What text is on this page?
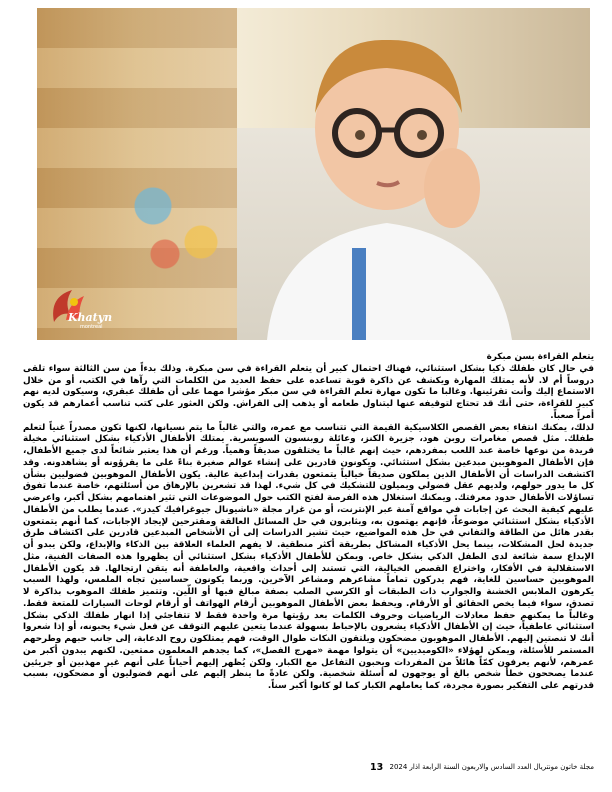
Khatyn
montreal

يتعلم القراءة بسن مبكرة

في حال كان طفلك ذكيا بشكل استثنائي، فهناك احتمال كبير أن يتعلم القراءة في سن مبكرة. وذلك بدءاً من سن الثالثة سواء تلقى دروساً أم لا. لأنه يمتلك المهارة ويكشف عن ذاكرة قوية تساعده على حفظ العديد من الكلمات التي رآها في الكتب، أو من خلال الاستماع إليك وأنت تقرئينها. وغالبا ما تكون مهارة تعلم القراءة في سن مبكر مؤشرا مهما على أن طفلك عبقري، وسيكون لديه نهم كبير للقراءة، حتى أنك قد تحتاج لتوقيفه عنها ليتناول طعامه أو يذهب إلى الفراش. ولكن العثور على كتب تناسب أعمارهم قد يكون أمراً صعباً.

لذلك، يمكنك انتقاء بعض القصص الكلاسيكية القيمة التي تتناسب مع عمره، والتي غالباً ما يتم نسيانها، لكنها تكون مصدراً غنياً لتعلم طفلك. مثل قصص مغامرات روبن هود، جزيرة الكنز، وعائلة روبنسون السويسرية. يمتلك الأطفال الأذكياء بشكل استثنائي مخيلة فريدة من نوعها خاصة عند اللعب بمفردهم، حيث إنهم غالباً ما يختلقون صديقاً وهمياً. ورغم أن هذا يعتبر شائعاً لدى جميع الأطفال، فإن الأطفال الموهوبين مبدعين بشكل استثنائي. ويكونون قادرين على إنشاء عوالم صغيرة بناءً على ما يقرؤونه أو يشاهدونه. وقد اكتشفت الدراسات أن الأطفال الذين يملكون صديقاً خيالياً يتمتعون بقدرات إبداعية عالية. يكون الأطفال الموهوبين فضوليين بشأن كل ما يدور حولهم، ولديهم عقل فضولي ويميلون للتشكيك في كل شيء. لهذا قد تشعرين بالإرهاق من أسئلتهم، خاصة عندما تفوق تساؤلات الأطفال حدود معرفتك. ويمكنك استغلال هذه الفرصة لفتح الكتب حول الموضوعات التي تثير اهتمامهم بشكل أكبر، واعرضي عليهم كيفية البحث عن إجابات في مواقع آمنة عبر الإنترنت، أو من غرار مجلة «ناشيونال جيوغرافيك كيدز». عندما يطلب من الأطفال الأذكياء بشكل استثنائي موضوعاً، فإنهم يهتمون به، ويثابرون في حل المسائل العالقة ومقترحين لإيجاد الإجابات، كما أنهم يتمتعون بقدر هائل من الطاقة والتفاني في حل هذه المواضيع، حيث تشير الدراسات إلى أن الأشخاص المبدعين قادرين على اكتشاف طرق جديدة لحل المشكلات، بينما يحل الأذكياء المشاكل بطريقة أكثر منطقية. لا يفهم العلماء العلاقة بين الذكاء والإبداع، ولكن يبدو أن الإبداع سمة شائعة لدى الطفل الذكي بشكل خاص. ويمكن للأطفال الأذكياء بشكل استثنائي أن يظهروا هذه الصفات الفنية، مثل الاستقلالية في الأفكار، واختراع القصص الخيالية، التي تستند إلى أحداث واقعية، والعاطفة أنه يتقن ارتجالها. قد يكون الأطفال الموهوبين حساسين للغاية، فهم يدركون تماماً مشاعرهم ومشاعر الآخرين. وربما يكونون حساسين تجاه الملمس، ولهذا السبب يكرهون الملابس الخشنة والجوارب ذات الطبقات أو الكرسي الصلب بصفة مبالغ فيها أو اللّين. وتتميز طفلك الموهوب بذاكرة لا تصدق، سواء فيما يخص الحقائق أو الأرقام. ويحفظ بعض الأطفال الموهوبين أرقام الهواتف أو أرقام لوحات السيارات للمتعة فقط. وغالباً ما يمكنهم حفظ معادلات الرياضيات وحروف الكلمات بعد رؤيتها مرة واحدة فقط لا تتفاجئي إذا انهار طفلك الذكي بشكل استثنائي عاطفياً، حيث إن الأطفال الأذكياء يشعرون بالإحباط بسهولة عندما يتعين عليهم التوقف عن فعل شيء يحبونه، أو إذا شعروا أنك لا تنصتين إليهم. الأطفال الموهوبون مضحكون ويلتقون النكات طوال الوقت، فهم يمتلكون روح الدعابة، إلى جانب حبهم وطرحهم المستمر للأسئلة، ويمكن لهؤلاء «الكوميديين» أن يتولوا مهمة «مهرج الفصل»، كما يجدهم المعلمون ممتعين. لكنهم يبدون أكبر من عمرهم، لأنهم يعرفون كمّاً هائلاً من المفردات ويحبون التفاعل مع الكبار. ولكن يُظهر إليهم أحياناً على أنهم غير مهذبين أو جريئين عندما يصححون خطأ شخص بالغ أو يوجهون له أسئلة شخصية. ولكن عادةً ما ينظر إليهم على أنهم فضوليون أو مضحكون، بسبب قدرتهم على التفكير بصورة مجردة، كما يعاملهم الكبار كما لو كانوا أكبر سناً.

13 مجلة خاتون مونتريال العدد السادس والاربعون السنة الرابعة اذار 2024
